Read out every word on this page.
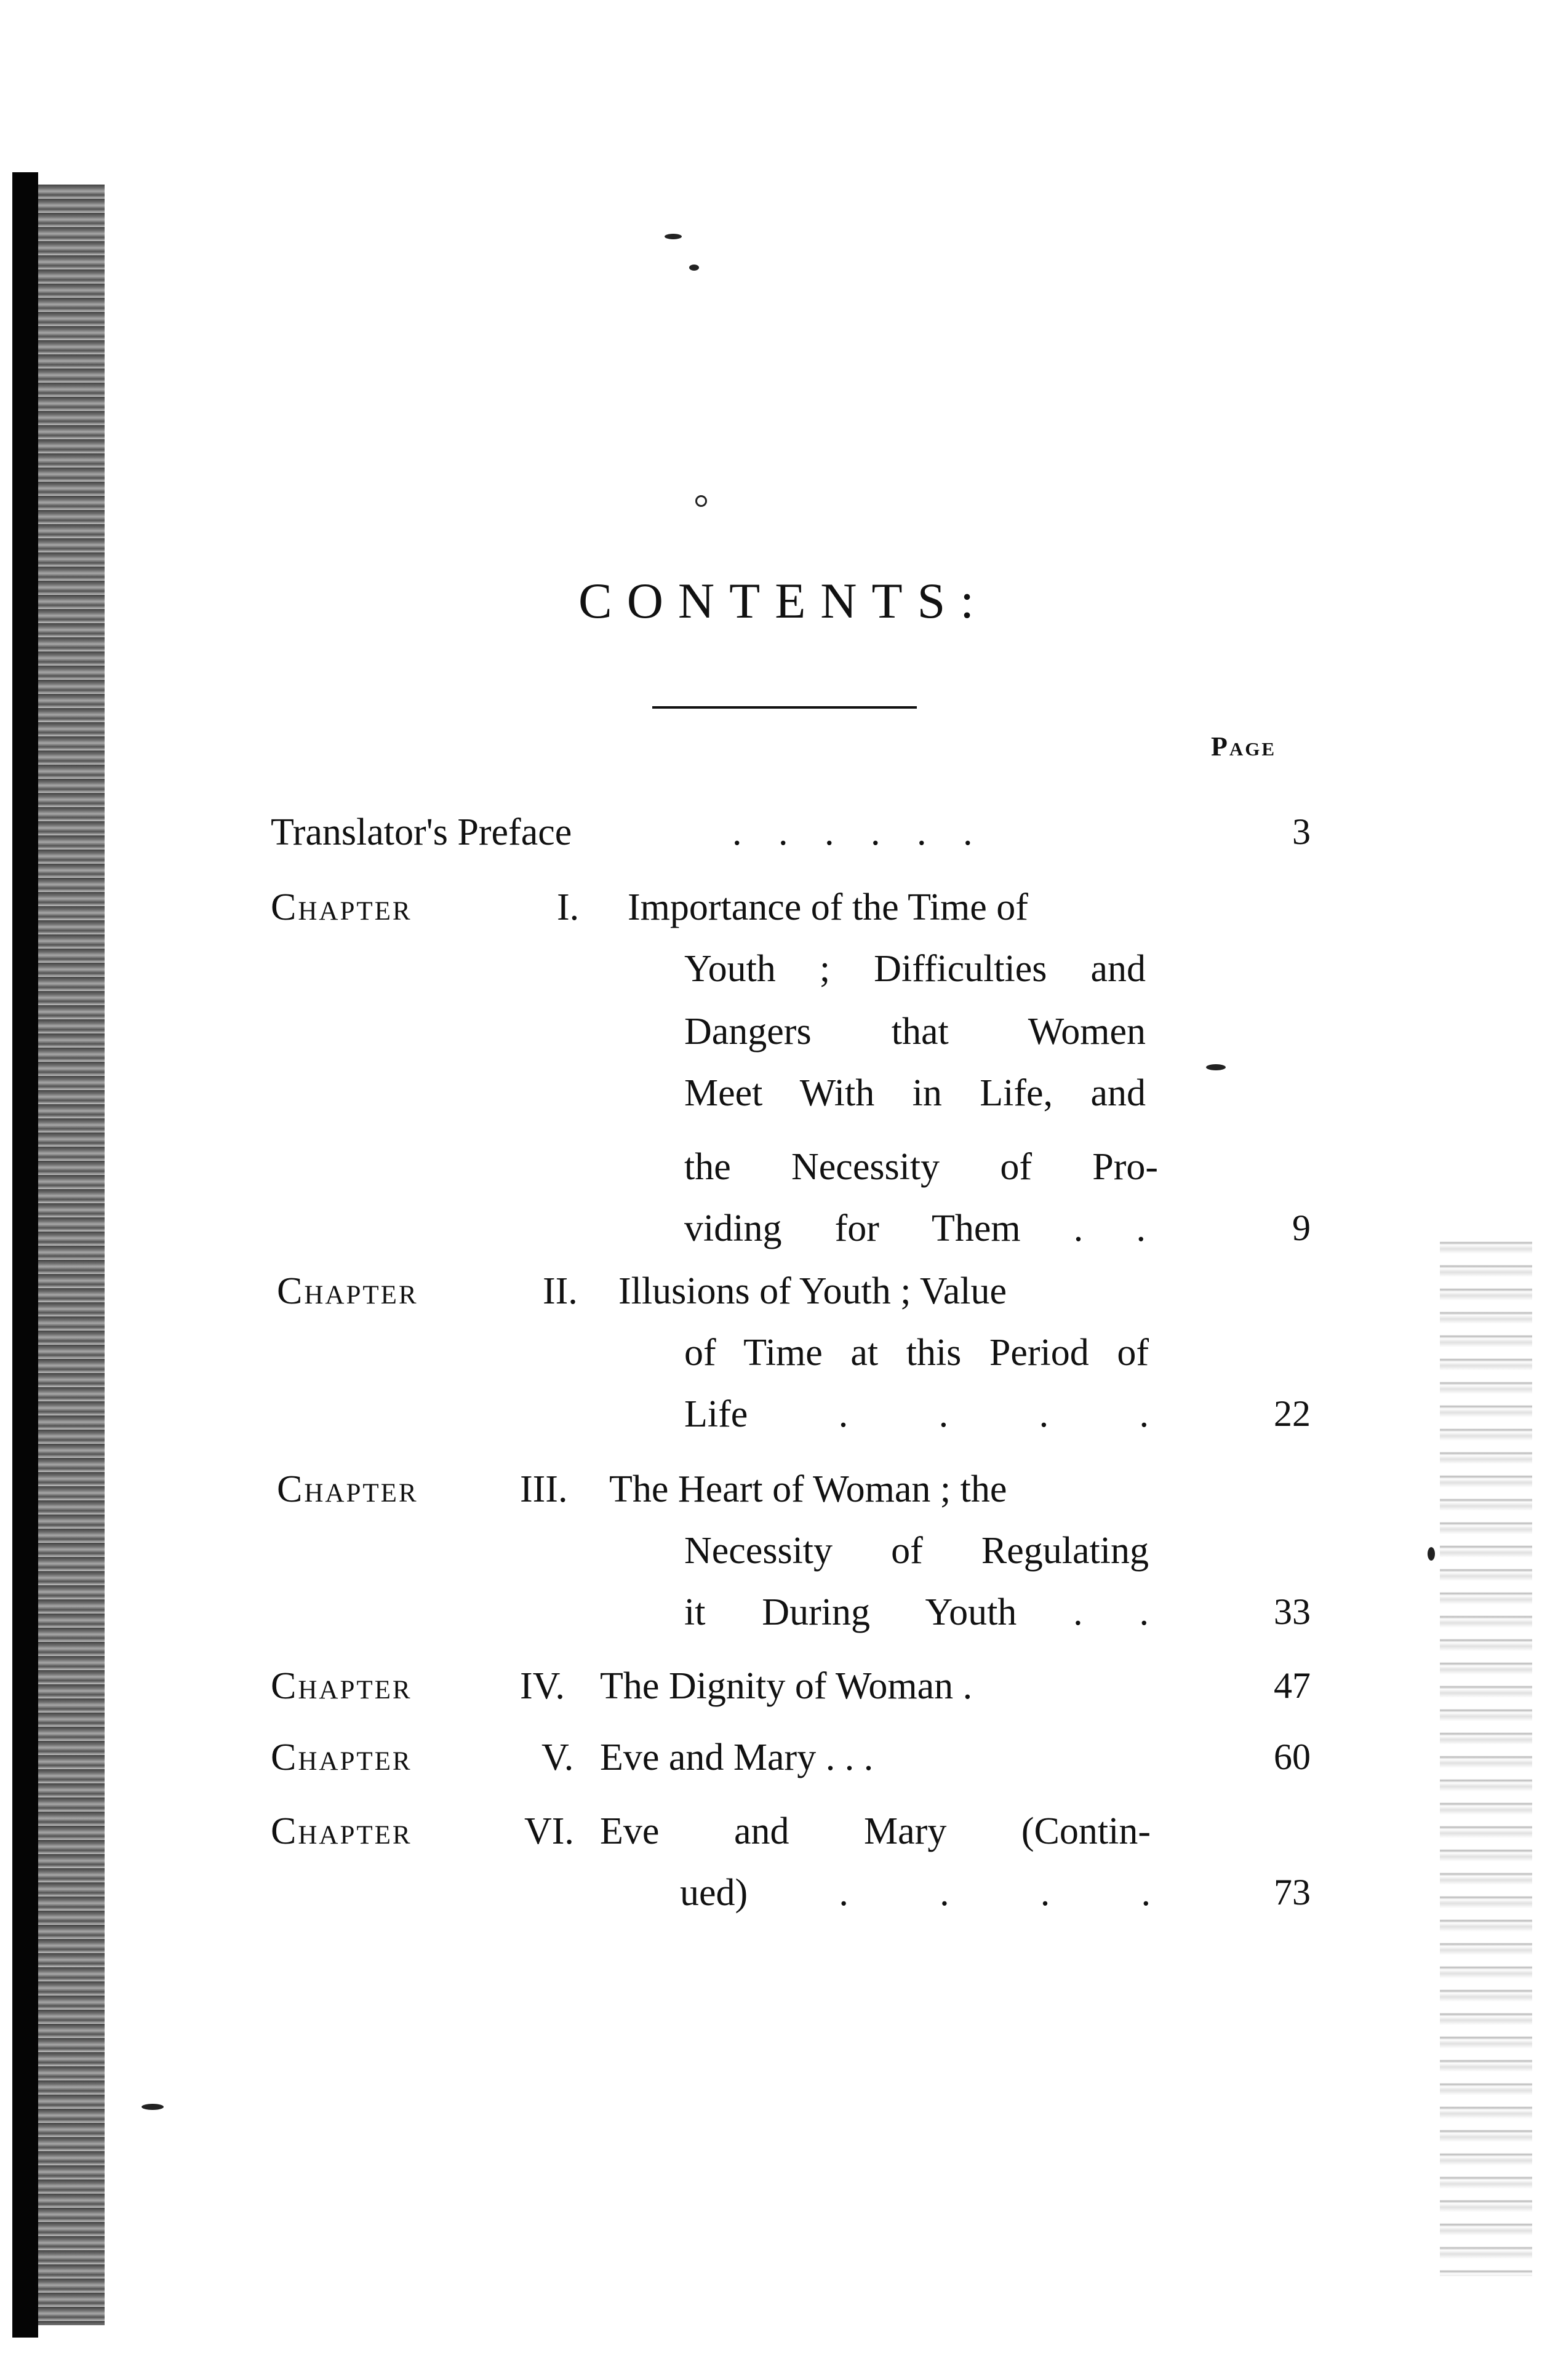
CONTENTS:
Page
Translator's Preface	. . . . . .	3
Chapter	I. Importance of the Time of
Youth ; Difficulties and
Dangers that Women
Meet With in Life, and
the Necessity of Pro-
viding for Them . .	9
Chapter	II. Illusions of Youth ; Value
of Time at this Period of
Life . . . .	22
Chapter	III. The Heart of Woman ; the
Necessity of Regulating
it During Youth . .	33
Chapter	IV. The Dignity of Woman .	47
Chapter	V. Eve and Mary . . .	60
Chapter	VI. Eve and Mary (Contin-
ued) . . . .	73
